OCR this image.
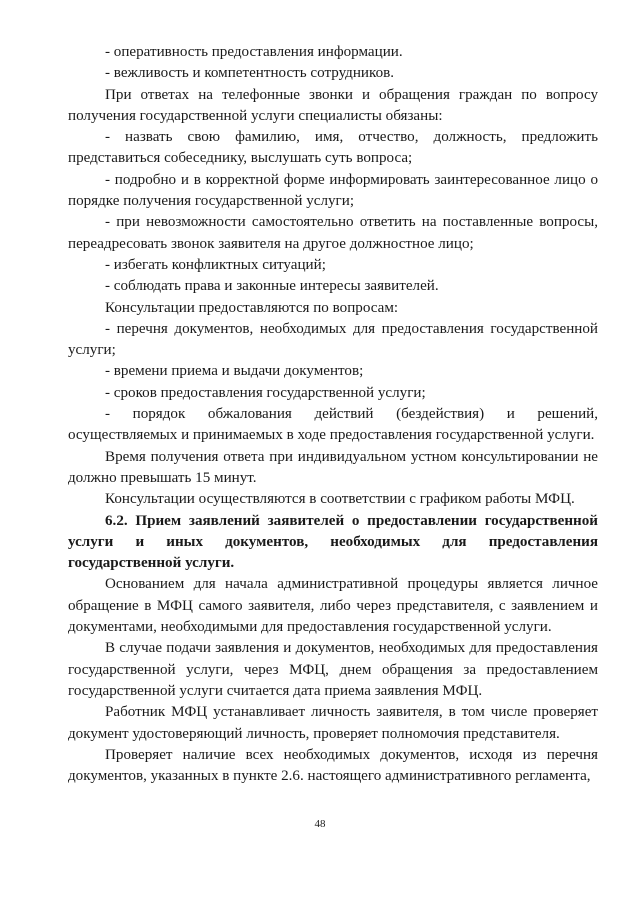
- оперативность предоставления информации.

- вежливость и компетентность сотрудников.

При ответах на телефонные звонки и обращения граждан по вопросу получения государственной услуги специалисты обязаны:

- назвать свою фамилию, имя, отчество, должность, предложить представиться собеседнику, выслушать суть вопроса;

- подробно и в корректной форме информировать заинтересованное лицо о порядке получения государственной услуги;

- при невозможности самостоятельно ответить на поставленные вопросы, переадресовать звонок заявителя на другое должностное лицо;

- избегать конфликтных ситуаций;

- соблюдать права и законные интересы заявителей.

Консультации предоставляются по вопросам:

- перечня документов, необходимых для предоставления государственной услуги;

- времени приема и выдачи документов;

- сроков предоставления государственной услуги;

- порядок обжалования действий (бездействия) и решений, осуществляемых и принимаемых в ходе предоставления государственной услуги.

Время получения ответа при индивидуальном устном консультировании не должно превышать 15 минут.

Консультации осуществляются в соответствии с графиком работы МФЦ.

6.2. Прием заявлений заявителей о предоставлении государственной услуги и иных документов, необходимых для предоставления государственной услуги.

Основанием для начала административной процедуры является личное обращение в МФЦ самого заявителя, либо через представителя, с заявлением и документами, необходимыми для предоставления государственной услуги.

В случае подачи заявления и документов, необходимых для предоставления государственной услуги, через МФЦ, днем обращения за предоставлением государственной услуги считается дата приема заявления МФЦ.

Работник МФЦ устанавливает личность заявителя, в том числе проверяет документ удостоверяющий личность, проверяет полномочия представителя.

Проверяет наличие всех необходимых документов, исходя из перечня документов, указанных в пункте 2.6. настоящего административного регламента,

48
